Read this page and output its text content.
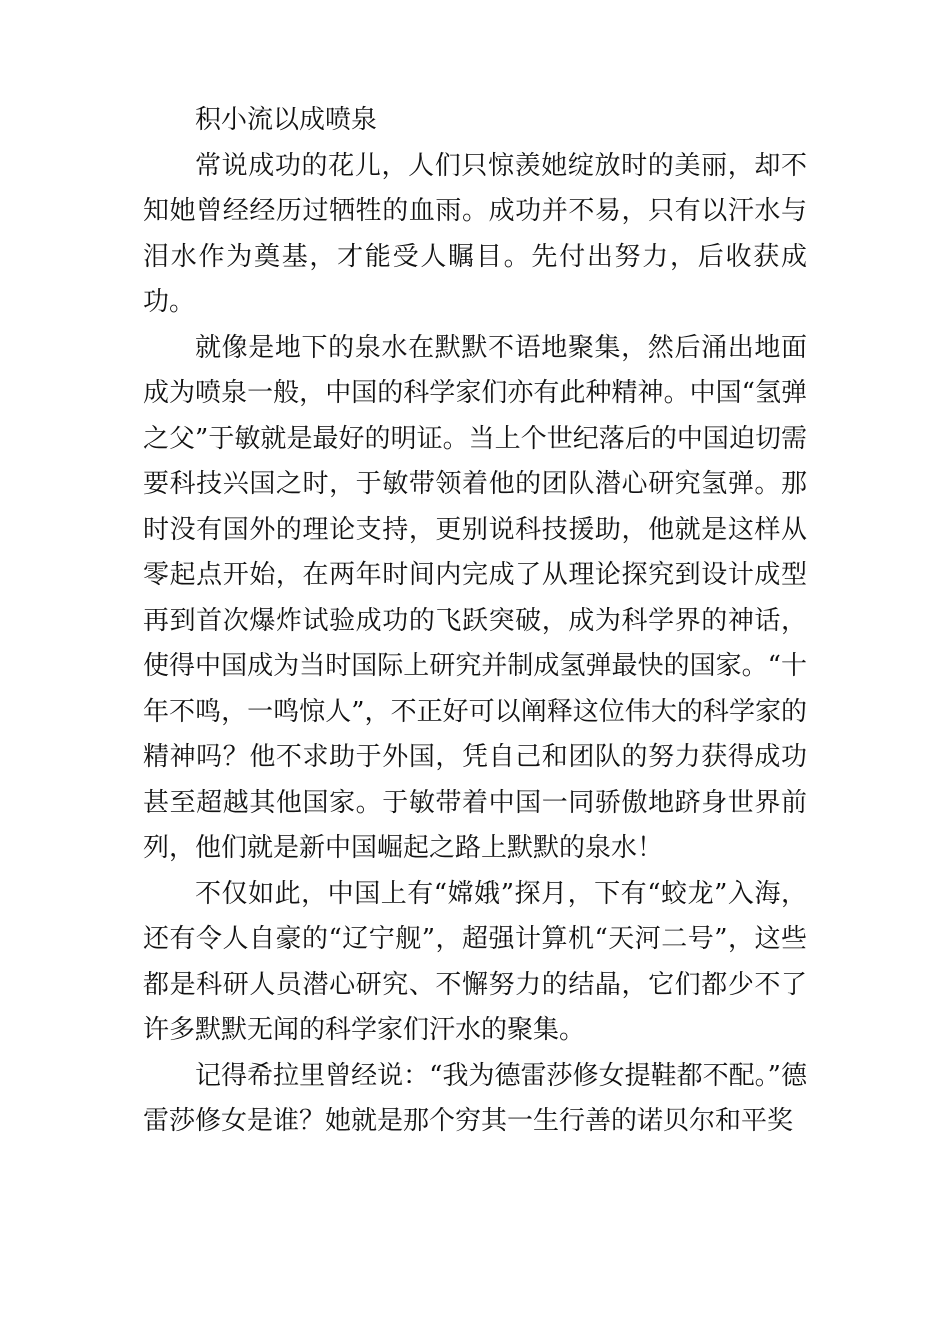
积小流以成喷泉

常说成功的花儿，人们只惊羡她绽放时的美丽，却不知她曾经经历过牺牲的血雨。成功并不易，只有以汗水与泪水作为奠基，才能受人瞩目。先付出努力，后收获成功。

就像是地下的泉水在默默不语地聚集，然后涌出地面成为喷泉一般，中国的科学家们亦有此种精神。中国“氢弹之父”于敏就是最好的明证。当上个世纪落后的中国迫切需要科技兴国之时，于敏带领着他的团队潜心研究氢弹。那时没有国外的理论支持，更别说科技援助，他就是这样从零起点开始，在两年时间内完成了从理论探究到设计成型再到首次爆炸试验成功的飞跃突破，成为科学界的神话，使得中国成为当时国际上研究并制成氢弹最快的国家。“十年不鸣，一鸣惊人”，不正好可以阐释这位伟大的科学家的精神吗？他不求助于外国，凭自己和团队的努力获得成功甚至超越其他国家。于敏带着中国一同骄傲地跻身世界前列，他们就是新中国崛起之路上默默的泉水！

不仅如此，中国上有“嫦娥”探月，下有“蛟龙”入海，还有令人自豪的“辽宁舰”，超强计算机“天河二号”，这些都是科研人员潜心研究、不懈努力的结晶，它们都少不了许多默默无闻的科学家们汗水的聚集。

记得希拉里曾经说：“我为德雷莎修女提鞋都不配。”德雷莎修女是谁？她就是那个穷其一生行善的诺贝尔和平奖
